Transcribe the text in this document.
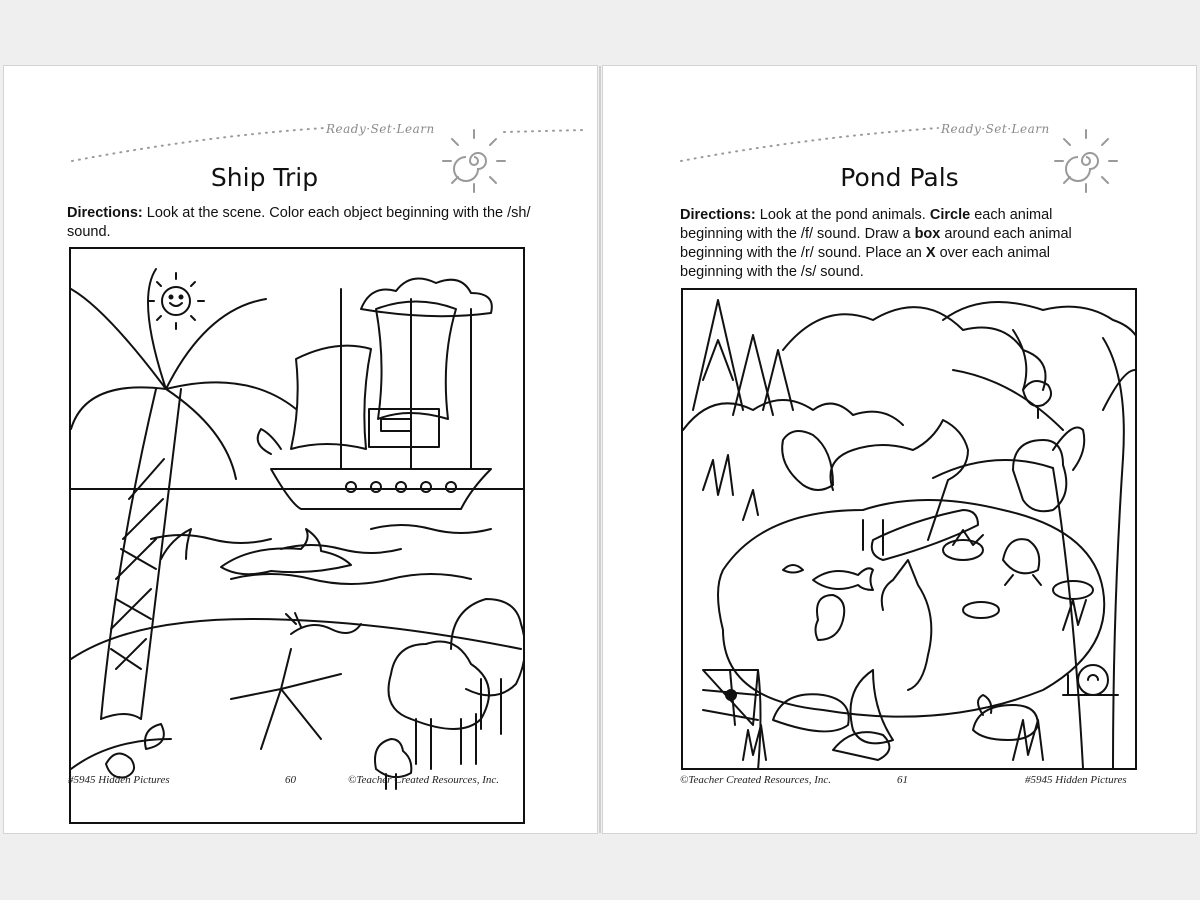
Ready·Set·Learn
Ship Trip
Directions: Look at the scene. Color each object beginning with the /sh/ sound.
#5945 Hidden Pictures	60	©Teacher Created Resources, Inc.
Ready·Set·Learn
Pond Pals
Directions: Look at the pond animals. Circle each animal beginning with the /f/ sound. Draw a box around each animal beginning with the /r/ sound. Place an X over each animal beginning with the /s/ sound.
©Teacher Created Resources, Inc.	61	#5945 Hidden Pictures
